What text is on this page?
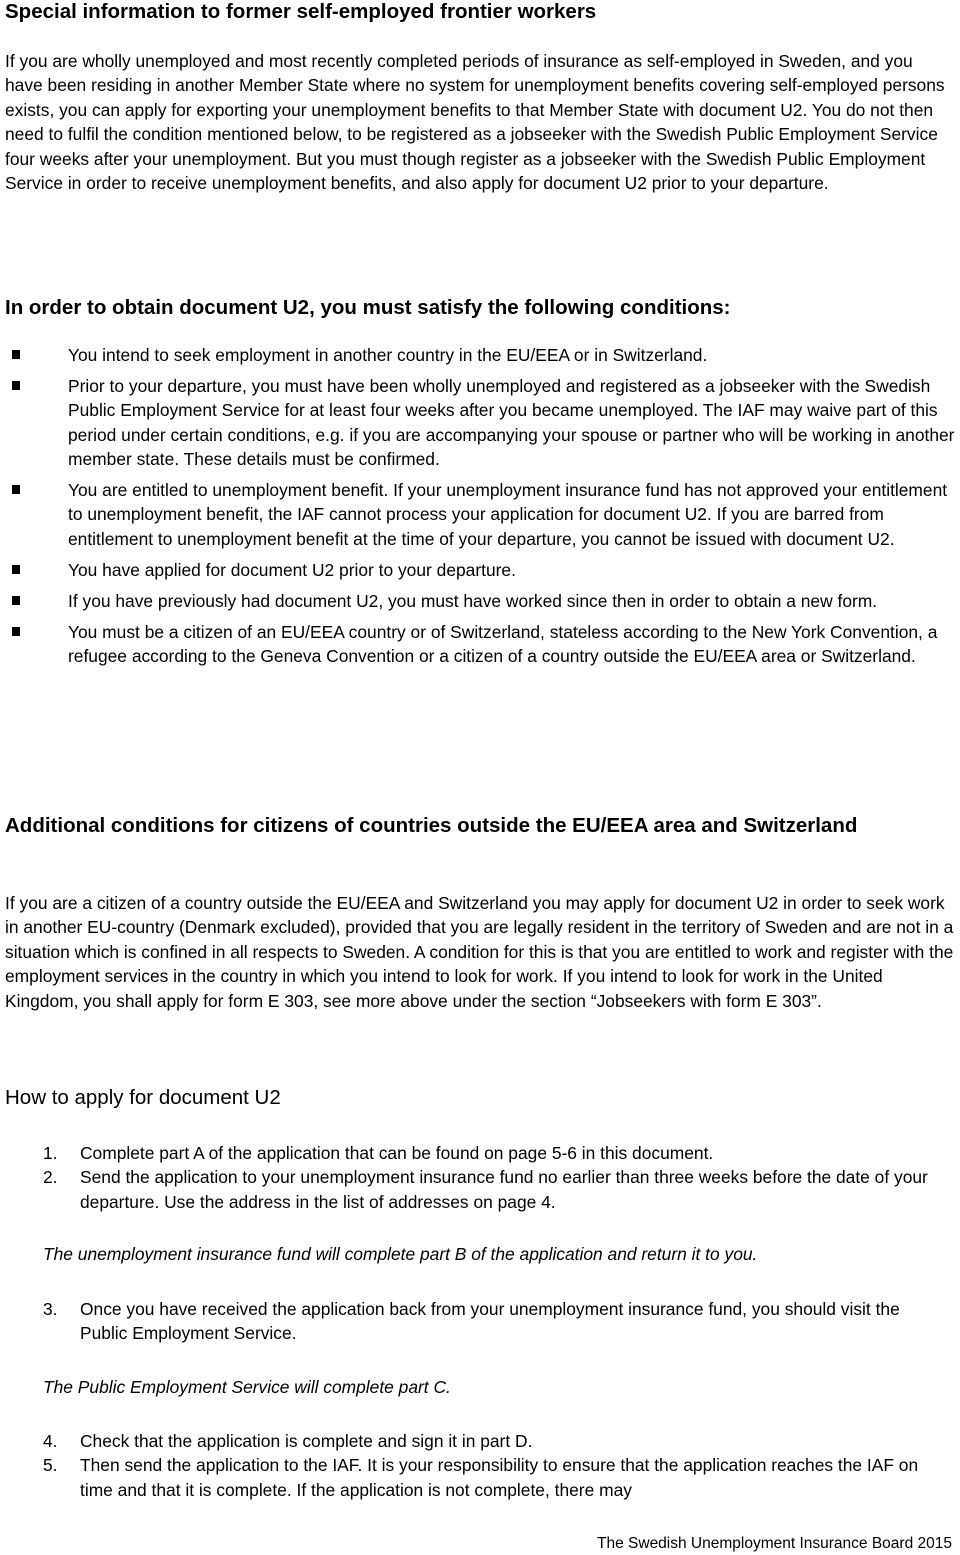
Special information to former self-employed frontier workers

If you are wholly unemployed and most recently completed periods of insurance as self-employed in Sweden, and you have been residing in another Member State where no system for unemployment benefits covering self-employed persons exists, you can apply for exporting your unemployment benefits to that Member State with document U2. You do not then need to fulfil the condition mentioned below, to be registered as a jobseeker with the Swedish Public Employment Service four weeks after your unemployment. But you must though register as a jobseeker with the Swedish Public Employment Service in order to receive unemployment benefits, and also apply for document U2 prior to your departure.

In order to obtain document U2, you must satisfy the following conditions:
You intend to seek employment in another country in the EU/EEA or in Switzerland.
Prior to your departure, you must have been wholly unemployed and registered as a jobseeker with the Swedish Public Employment Service for at least four weeks after you became unemployed. The IAF may waive part of this period under certain conditions, e.g. if you are accompanying your spouse or partner who will be working in another member state. These details must be confirmed.
You are entitled to unemployment benefit. If your unemployment insurance fund has not approved your entitlement to unemployment benefit, the IAF cannot process your application for document U2. If you are barred from entitlement to unemployment benefit at the time of your departure, you cannot be issued with document U2.
You have applied for document U2 prior to your departure.
If you have previously had document U2, you must have worked since then in order to obtain a new form.
You must be a citizen of an EU/EEA country or of Switzerland, stateless according to the New York Convention, a refugee according to the Geneva Convention or a citizen of a country outside the EU/EEA area or Switzerland.
Additional conditions for citizens of countries outside the EU/EEA area and Switzerland

If you are a citizen of a country outside the EU/EEA and Switzerland you may apply for document U2 in order to seek work in another EU-country (Denmark excluded), provided that you are legally resident in the territory of Sweden and are not in a situation which is confined in all respects to Sweden. A condition for this is that you are entitled to work and register with the employment services in the country in which you intend to look for work. If you intend to look for work in the United Kingdom, you shall apply for form E 303, see more above under the section “Jobseekers with form E 303”.

How to apply for document U2
1. Complete part A of the application that can be found on page 5-6 in this document.
2. Send the application to your unemployment insurance fund no earlier than three weeks before the date of your departure. Use the address in the list of addresses on page 4.

The unemployment insurance fund will complete part B of the application and return it to you.

3. Once you have received the application back from your unemployment insurance fund, you should visit the Public Employment Service.

The Public Employment Service will complete part C.

4. Check that the application is complete and sign it in part D.
5. Then send the application to the IAF. It is your responsibility to ensure that the application reaches the IAF on time and that it is complete. If the application is not complete, there may
The Swedish Unemployment Insurance Board 2015
